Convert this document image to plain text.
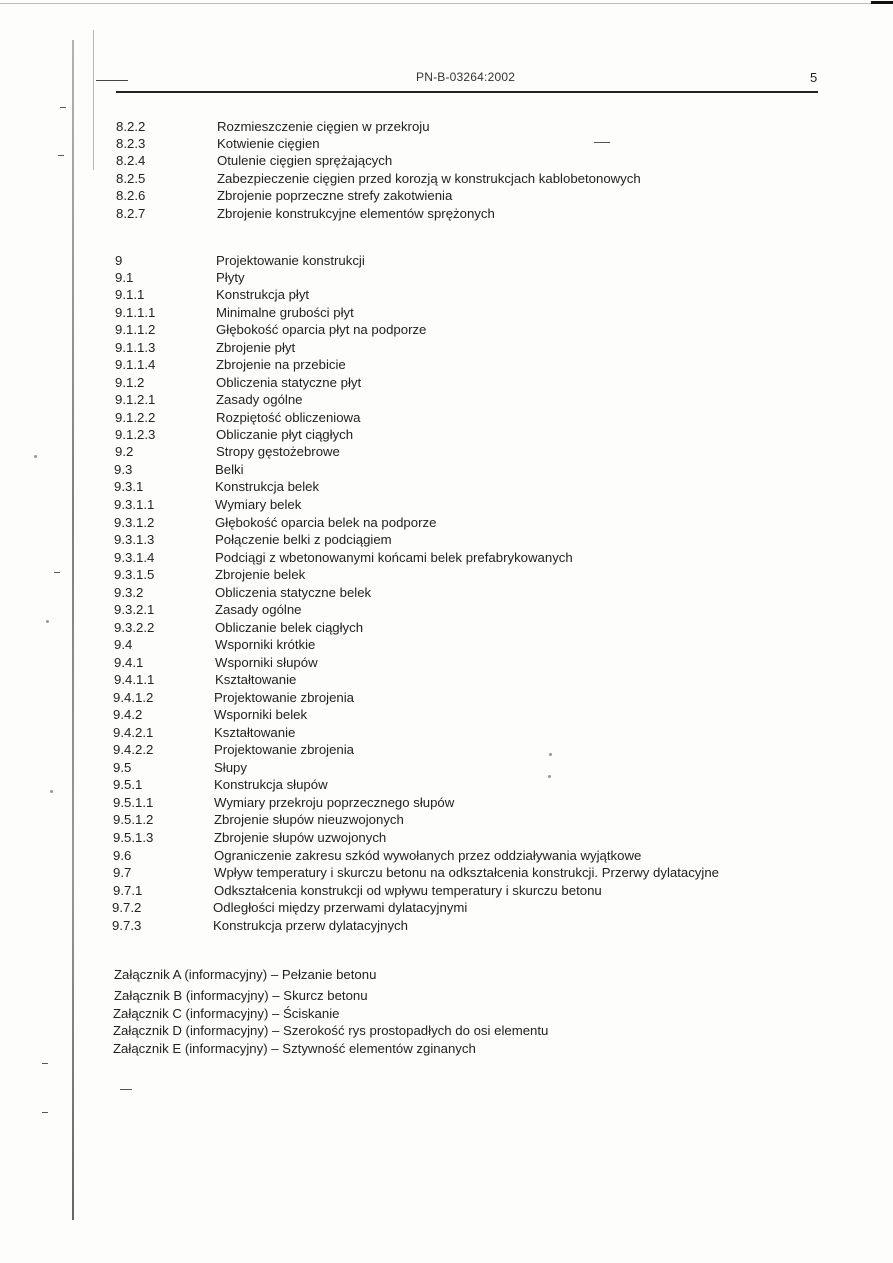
PN-B-03264:2002	5
8.2.2	Rozmieszczenie cięgien w przekroju
8.2.3	Kotwienie cięgien
8.2.4	Otulenie cięgien sprężających
8.2.5	Zabezpieczenie cięgien przed korozją w konstrukcjach kablobetonowych
8.2.6	Zbrojenie poprzeczne strefy zakotwienia
8.2.7	Zbrojenie konstrukcyjne elementów sprężonych
9	Projektowanie konstrukcji
9.1	Płyty
9.1.1	Konstrukcja płyt
9.1.1.1	Minimalne grubości płyt
9.1.1.2	Głębokość oparcia płyt na podporze
9.1.1.3	Zbrojenie płyt
9.1.1.4	Zbrojenie na przebicie
9.1.2	Obliczenia statyczne płyt
9.1.2.1	Zasady ogólne
9.1.2.2	Rozpiętość obliczeniowa
9.1.2.3	Obliczanie płyt ciągłych
9.2	Stropy gęstożebrowe
9.3	Belki
9.3.1	Konstrukcja belek
9.3.1.1	Wymiary belek
9.3.1.2	Głębokość oparcia belek na podporze
9.3.1.3	Połączenie belki z podciągiem
9.3.1.4	Podciągi z wbetonowanymi końcami belek prefabrykowanych
9.3.1.5	Zbrojenie belek
9.3.2	Obliczenia statyczne belek
9.3.2.1	Zasady ogólne
9.3.2.2	Obliczanie belek ciągłych
9.4	Wsporniki krótkie
9.4.1	Wsporniki słupów
9.4.1.1	Kształtowanie
9.4.1.2	Projektowanie zbrojenia
9.4.2	Wsporniki belek
9.4.2.1	Kształtowanie
9.4.2.2	Projektowanie zbrojenia
9.5	Słupy
9.5.1	Konstrukcja słupów
9.5.1.1	Wymiary przekroju poprzecznego słupów
9.5.1.2	Zbrojenie słupów nieuzwojonych
9.5.1.3	Zbrojenie słupów uzwojonych
9.6	Ograniczenie zakresu szkód wywołanych przez oddziaływania wyjątkowe
9.7	Wpływ temperatury i skurczu betonu na odkształcenia konstrukcji. Przerwy dylatacyjne
9.7.1	Odkształcenia konstrukcji od wpływu temperatury i skurczu betonu
9.7.2	Odległości między przerwami dylatacyjnymi
9.7.3	Konstrukcja przerw dylatacyjnych
Załącznik A (informacyjny) – Pełzanie betonu
Załącznik B (informacyjny) – Skurcz betonu
Załącznik C (informacyjny) – Ściskanie
Załącznik D (informacyjny) – Szerokość rys prostopadłych do osi elementu
Załącznik E (informacyjny) – Sztywność elementów zginanych
